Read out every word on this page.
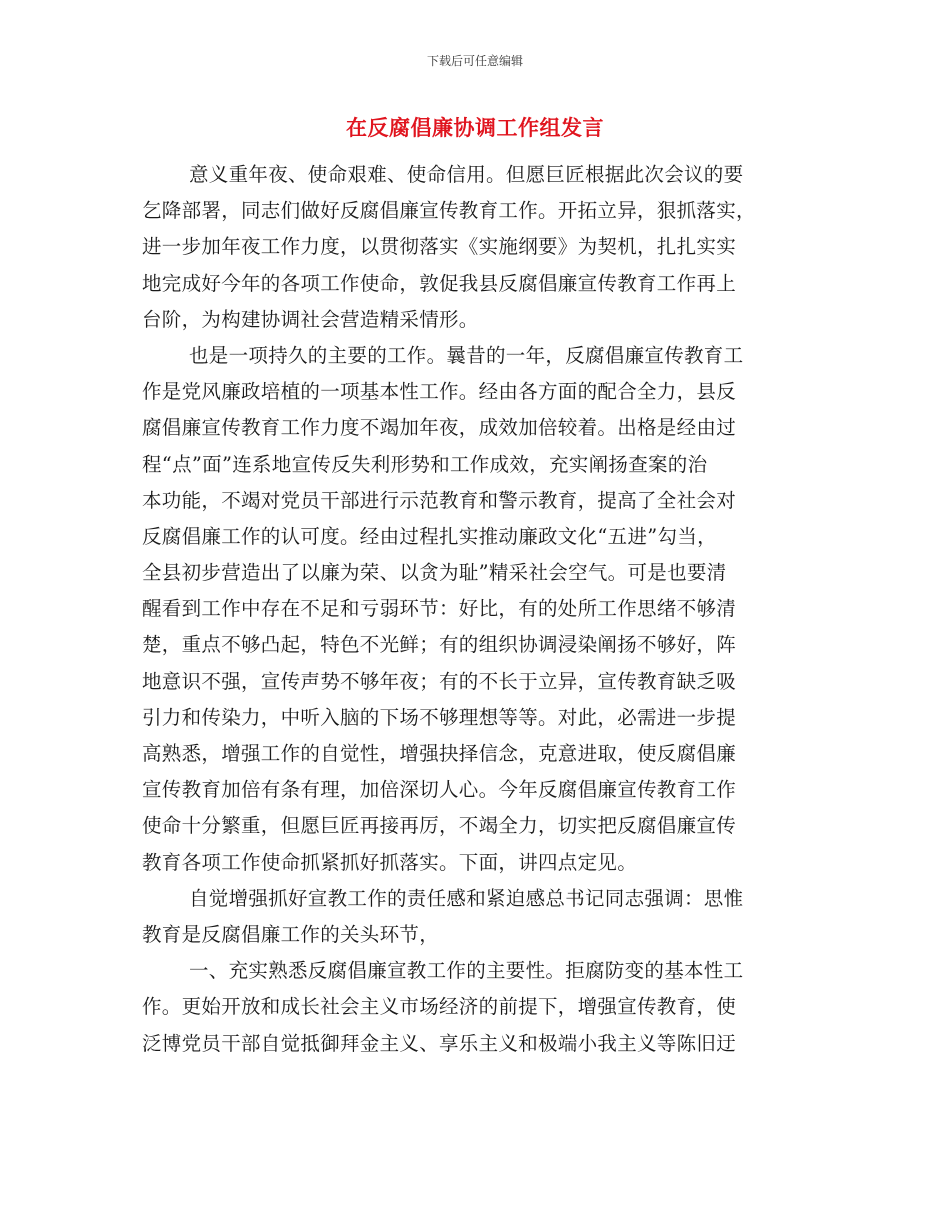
下载后可任意编辑
在反腐倡廉协调工作组发言
意义重年夜、使命艰难、使命信用。但愿巨匠根据此次会议的要
乞降部署，同志们做好反腐倡廉宣传教育工作。开拓立异，狠抓落实，
进一步加年夜工作力度，以贯彻落实《实施纲要》为契机，扎扎实实
地完成好今年的各项工作使命，敦促我县反腐倡廉宣传教育工作再上
台阶，为构建协调社会营造精采情形。
也是一项持久的主要的工作。曩昔的一年，反腐倡廉宣传教育工
作是党风廉政培植的一项基本性工作。经由各方面的配合全力，县反
腐倡廉宣传教育工作力度不竭加年夜，成效加倍较着。出格是经由过
程“点”面”连系地宣传反失利形势和工作成效，充实阐扬查案的治
本功能，不竭对党员干部进行示范教育和警示教育，提高了全社会对
反腐倡廉工作的认可度。经由过程扎实推动廉政文化“五进”勾当，
全县初步营造出了以廉为荣、以贪为耻”精采社会空气。可是也要清
醒看到工作中存在不足和亏弱环节：好比，有的处所工作思绪不够清
楚，重点不够凸起，特色不光鲜；有的组织协调浸染阐扬不够好，阵
地意识不强，宣传声势不够年夜；有的不长于立异，宣传教育缺乏吸
引力和传染力，中听入脑的下场不够理想等等。对此，必需进一步提
高熟悉，增强工作的自觉性，增强抉择信念，克意进取，使反腐倡廉
宣传教育加倍有条有理，加倍深切人心。今年反腐倡廉宣传教育工作
使命十分繁重，但愿巨匠再接再厉，不竭全力，切实把反腐倡廉宣传
教育各项工作使命抓紧抓好抓落实。下面，讲四点定见。
自觉增强抓好宣教工作的责任感和紧迫感总书记同志强调：思惟
教育是反腐倡廉工作的关头环节，
一、充实熟悉反腐倡廉宣教工作的主要性。拒腐防变的基本性工
作。更始开放和成长社会主义市场经济的前提下，增强宣传教育，使
泛博党员干部自觉抵御拜金主义、享乐主义和极端小我主义等陈旧迂
